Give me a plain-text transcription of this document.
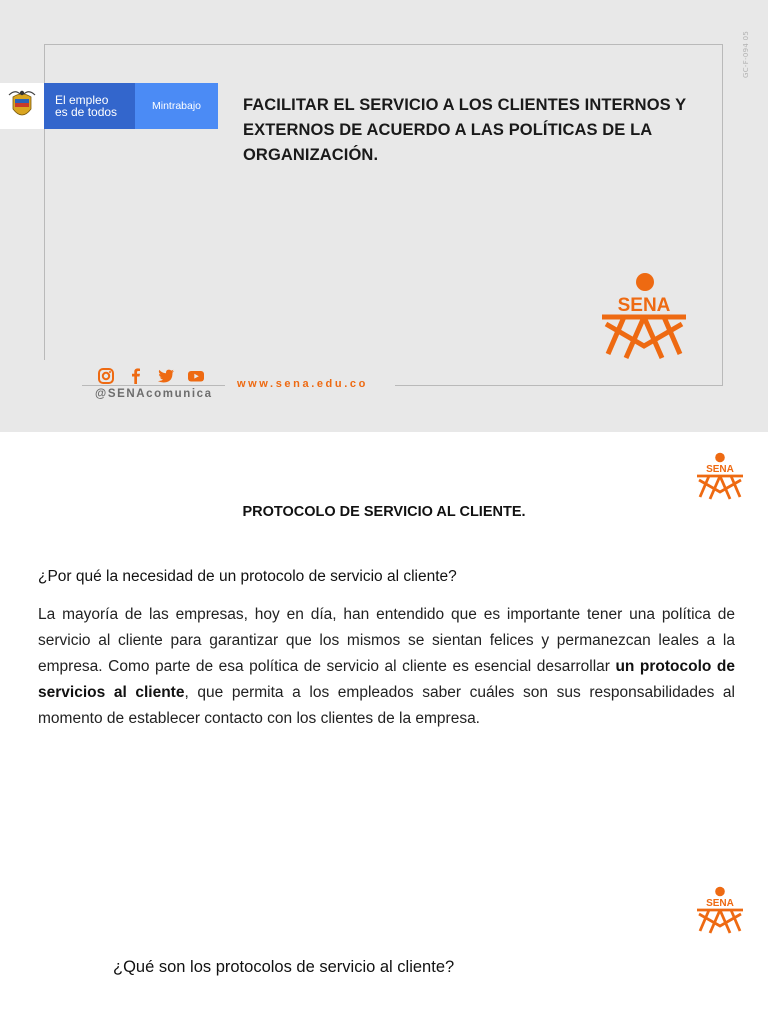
GC-F-094 05
El empleo
es de todos	Mintrabajo	FACILITAR EL SERVICIO A LOS CLIENTES INTERNOS Y EXTERNOS DE ACUERDO A LAS POLÍTICAS DE LA ORGANIZACIÓN.
SENA
@SENAcomunica
www.sena.edu.co
SENA
PROTOCOLO DE SERVICIO AL CLIENTE.
¿Por qué la necesidad de un protocolo de servicio al cliente?

La mayoría de las empresas, hoy en día, han entendido que es importante tener una política de servicio al cliente para garantizar que los mismos se sientan felices y permanezcan leales a la empresa. Como parte de esa política de servicio al cliente es esencial desarrollar un protocolo de servicios al cliente, que permita a los empleados saber cuáles son sus responsabilidades al momento de establecer contacto con los clientes de la empresa.

SENA
¿Qué son los protocolos de servicio al cliente?
